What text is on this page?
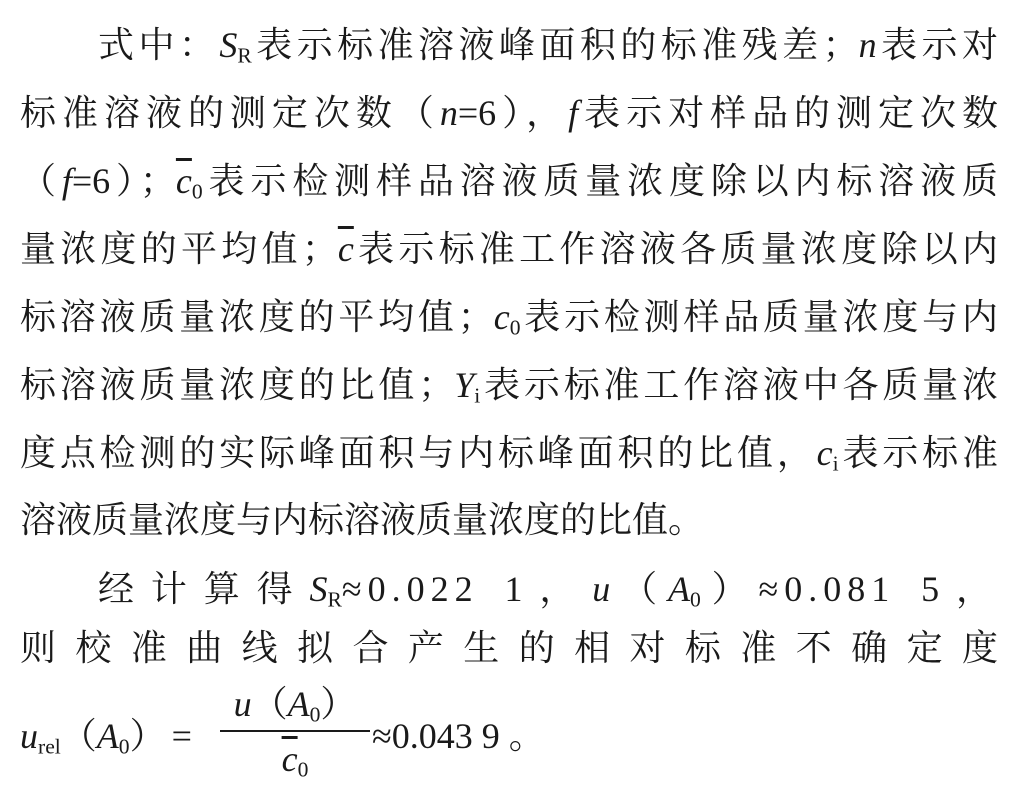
式中：$S_R$表示标准溶液峰面积的标准残差；n表示对
标准溶液的测定次数（n=6），f表示对样品的测定次数
（f=6）；$\overline{c}_0$表示检测样品溶液质量浓度除以内标溶液质
量浓度的平均值；$\overline{c}$表示标准工作溶液各质量浓度除以内
标溶液质量浓度的平均值；$c_0$表示检测样品质量浓度与内
标溶液质量浓度的比值；$Y_i$表示标准工作溶液中各质量浓
度点检测的实际峰面积与内标峰面积的比值，$c_i$表示标准
溶液质量浓度与内标溶液质量浓度的比值。
经计算得$S_R\approx 0.022$ 1，$u(A_0)\approx 0.081$ 5，
则校准曲线拟合产生的相对标准不确定度
$u_{rel}(A_0)$ =
$u(A_0)$
$\overline{c}_0$
≈0.043 9 。
